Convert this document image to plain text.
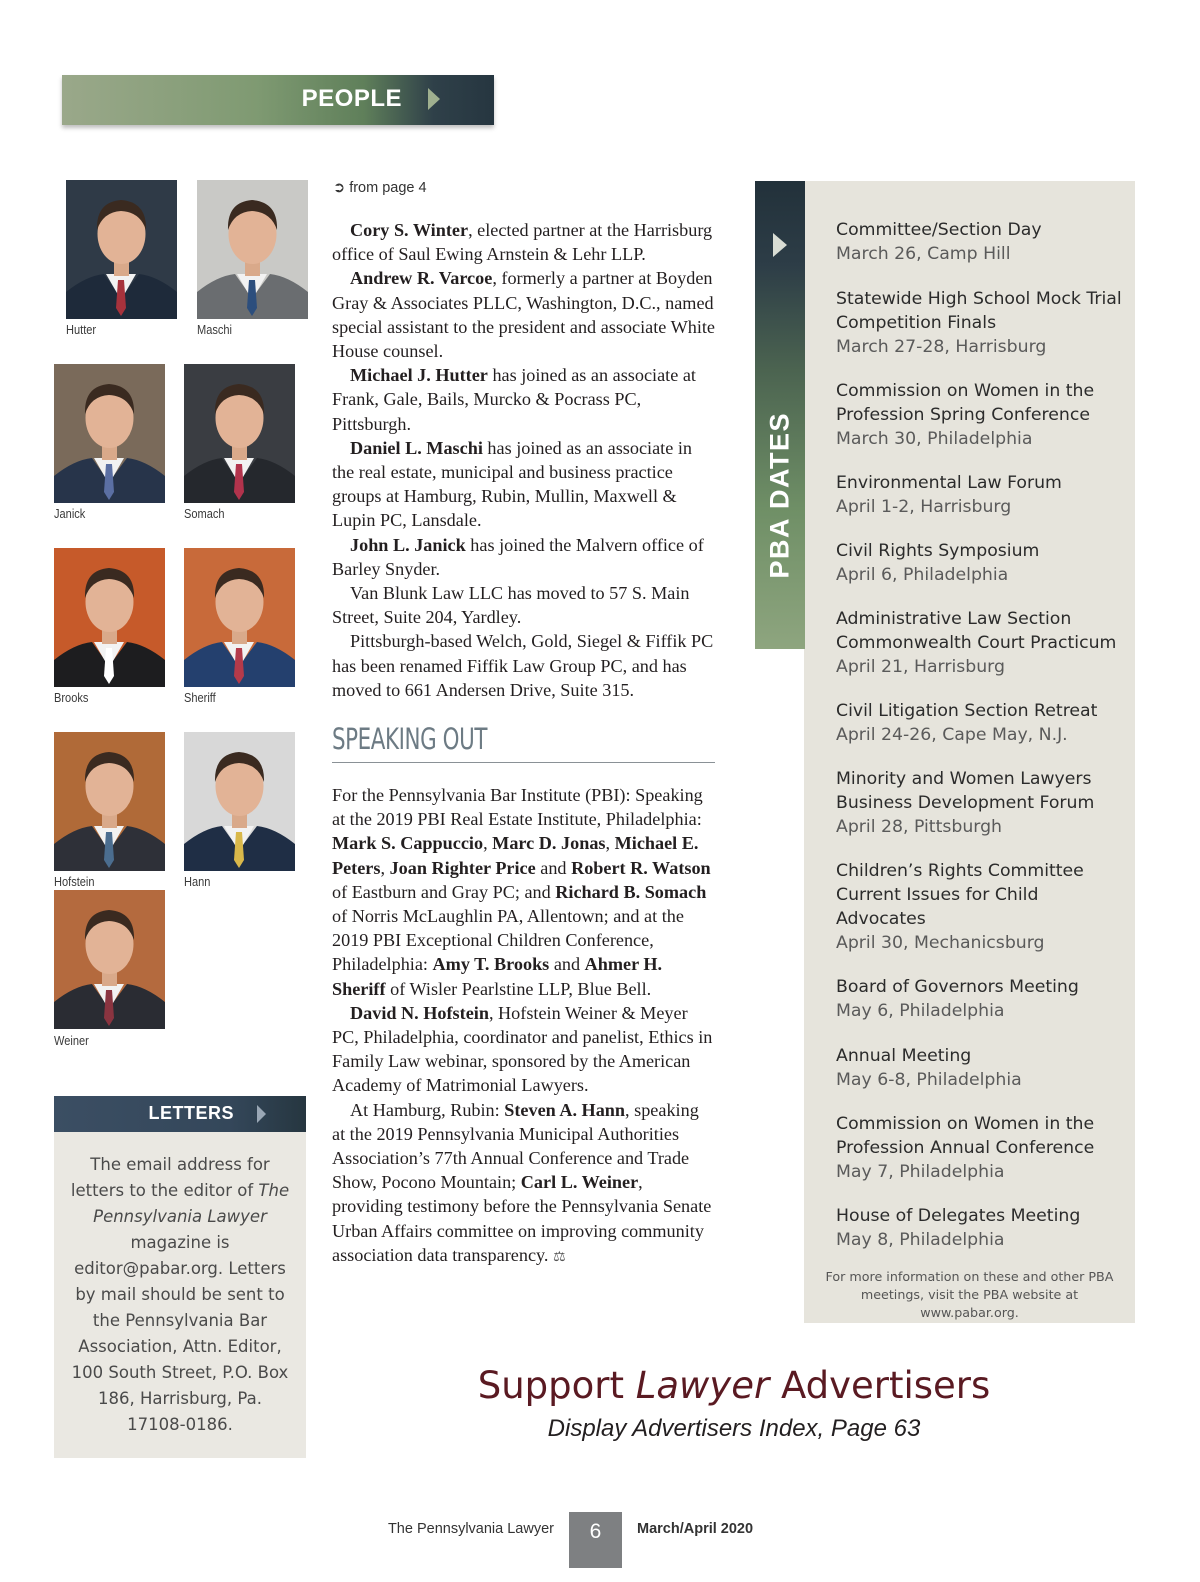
PEOPLE
Hutter	Maschi
Janick	Somach
Brooks	Sheriff
Hofstein	Hann
Weiner
LETTERS
The email address for letters to the editor of The Pennsylvania Lawyer magazine is editor@pabar.org. Letters by mail should be sent to the Pennsylvania Bar Association, Attn. Editor, 100 South Street, P.O. Box 186, Harrisburg, Pa. 17108-0186.
➲ from page 4

Cory S. Winter, elected partner at the Harrisburg office of Saul Ewing Arnstein & Lehr LLP.

Andrew R. Varcoe, formerly a partner at Boyden Gray & Associates PLLC, Washington, D.C., named special assistant to the president and associate White House counsel.

Michael J. Hutter has joined as an associate at Frank, Gale, Bails, Murcko & Pocrass PC, Pittsburgh.

Daniel L. Maschi has joined as an associate in the real estate, municipal and business practice groups at Hamburg, Rubin, Mullin, Maxwell & Lupin PC, Lansdale.

John L. Janick has joined the Malvern office of Barley Snyder.

Van Blunk Law LLC has moved to 57 S. Main Street, Suite 204, Yardley.

Pittsburgh-based Welch, Gold, Siegel & Fiffik PC has been renamed Fiffik Law Group PC, and has moved to 661 Andersen Drive, Suite 315.

SPEAKING OUT

For the Pennsylvania Bar Institute (PBI): Speaking at the 2019 PBI Real Estate Institute, Philadelphia: Mark S. Cappuccio, Marc D. Jonas, Michael E. Peters, Joan Righter Price and Robert R. Watson of Eastburn and Gray PC; and Richard B. Somach of Norris McLaughlin PA, Allentown; and at the 2019 PBI Exceptional Children Conference, Philadelphia: Amy T. Brooks and Ahmer H. Sheriff of Wisler Pearlstine LLP, Blue Bell.

David N. Hofstein, Hofstein Weiner & Meyer PC, Philadelphia, coordinator and panelist, Ethics in Family Law webinar, sponsored by the American Academy of Matrimonial Lawyers.

At Hamburg, Rubin: Steven A. Hann, speaking at the 2019 Pennsylvania Municipal Authorities Association’s 77th Annual Conference and Trade Show, Pocono Mountain; Carl L. Weiner, providing testimony before the Pennsylvania Senate Urban Affairs committee on improving community association data transparency. ⚖

PBA DATES
Committee/Section Day
March 26, Camp Hill
Statewide High School Mock Trial Competition Finals
March 27-28, Harrisburg
Commission on Women in the Profession Spring Conference
March 30, Philadelphia
Environmental Law Forum
April 1-2, Harrisburg
Civil Rights Symposium
April 6, Philadelphia
Administrative Law Section Commonwealth Court Practicum
April 21, Harrisburg
Civil Litigation Section Retreat
April 24-26, Cape May, N.J.
Minority and Women Lawyers Business Development Forum
April 28, Pittsburgh
Children’s Rights Committee Current Issues for Child Advocates
April 30, Mechanicsburg
Board of Governors Meeting
May 6, Philadelphia
Annual Meeting
May 6-8, Philadelphia
Commission on Women in the Profession Annual Conference
May 7, Philadelphia
House of Delegates Meeting
May 8, Philadelphia
For more information on these and other PBA meetings, visit the PBA website at www.pabar.org.
Support Lawyer Advertisers
Display Advertisers Index, Page 63
The Pennsylvania Lawyer	6	March/April 2020
